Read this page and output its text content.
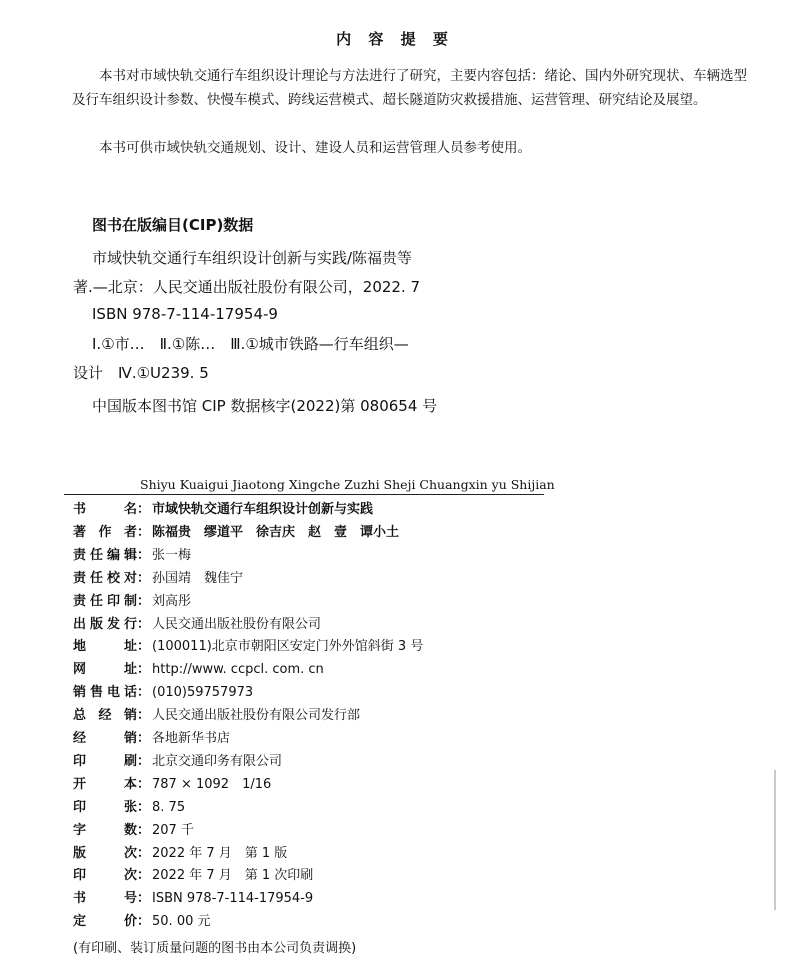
内 容 提 要
本书对市域快轨交通行车组织设计理论与方法进行了研究，主要内容包括：绪论、国内外研究现状、车辆选型及行车组织设计参数、快慢车模式、跨线运营模式、超长隧道防灾救援措施、运营管理、研究结论及展望。
本书可供市域快轨交通规划、设计、建设人员和运营管理人员参考使用。
图书在版编目(CIP)数据
市域快轨交通行车组织设计创新与实践/陈福贵等
著.—北京：人民交通出版社股份有限公司，2022. 7
ISBN 978-7-114-17954-9
Ⅰ.①市…　Ⅱ.①陈…　Ⅲ.①城市铁路—行车组织—
设计　Ⅳ.①U239. 5
中国版本图书馆 CIP 数据核字(2022)第 080654 号
Shiyu Kuaigui Jiaotong Xingche Zuzhi Sheji Chuangxin yu Shijian
书名： 市域快轨交通行车组织设计创新与实践
著作者： 陈福贵　缪道平　徐吉庆　赵　壹　谭小土
责任编辑： 张一梅
责任校对： 孙国靖　魏佳宁
责任印制： 刘高彤
出版发行： 人民交通出版社股份有限公司
地址： (100011)北京市朝阳区安定门外外馆斜街 3 号
网址： http://www. ccpcl. com. cn
销售电话： (010)59757973
总经销： 人民交通出版社股份有限公司发行部
经销： 各地新华书店
印刷： 北京交通印务有限公司
开本： 787 × 1092　1/16
印张： 8. 75
字数： 207 千
版次： 2022 年 7 月　第 1 版
印次： 2022 年 7 月　第 1 次印刷
书号： ISBN 978-7-114-17954-9
定价： 50. 00 元
(有印刷、装订质量问题的图书由本公司负责调换)
